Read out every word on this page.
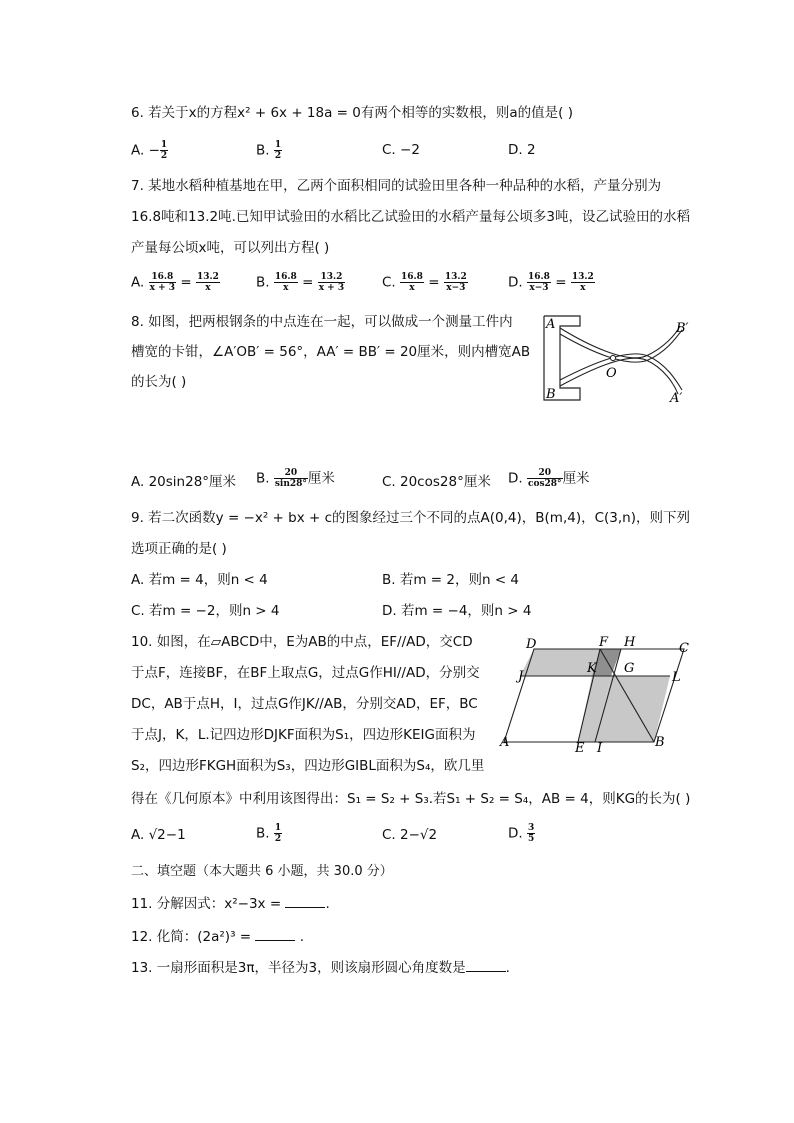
6. 若关于x的方程x² + 6x + 18a = 0有两个相等的实数根，则a的值是( )
A. − $\frac{1}{2}$	B. $\frac{1}{2}$	C. −2	D. 2
7. 某地水稻种植基地在甲，乙两个面积相同的试验田里各种一种品种的水稻，产量分别为
16.8吨和13.2吨.已知甲试验田的水稻比乙试验田的水稻产量每公顷多3吨，设乙试验田的水稻
产量每公顷x吨，可以列出方程( )
A. $\frac{16.8}{x + 3} = \frac{13.2}{x}$	B. $\frac{16.8}{x} = \frac{13.2}{x + 3}$	C. $\frac{16.8}{x} = \frac{13.2}{x-3}$	D. $\frac{16.8}{x-3} = \frac{13.2}{x}$
8. 如图，把两根钢条的中点连在一起，可以做成一个测量工件内
槽宽的卡钳，∠A′OB′ = 56°，AA′ = BB′ = 20厘米，则内槽宽AB
的长为( )
A
B
B′
A′
O
A. 20sin28°厘米 B. $\frac{20}{\sin 28^\circ}$ 厘米	C. 20cos28°厘米 D. $\frac{20}{\cos 28^\circ}$ 厘米
9. 若二次函数y = −x² + bx + c的图象经过三个不同的点A(0,4)，B(m,4)，C(3,n)，则下列
选项正确的是( )
A. 若m = 4，则n < 4	B. 若m = 2，则n < 4
C. 若m = −2，则n > 4	D. 若m = −4，则n > 4
10. 如图，在▱ABCD中，E为AB的中点，EF//AD，交CD
于点F，连接BF，在BF上取点G，过点G作HI//AD，分别交
DC，AB于点H，I，过点G作JK//AB，分别交AD，EF，BC
于点J，K，L.记四边形DJKF面积为S₁，四边形KEIG面积为
S₂，四边形FKGH面积为S₃，四边形GIBL面积为S₄，欧几里
得在《几何原本》中利用该图得出：S₁ = S₂ + S₃.若S₁ + S₂ = S₄，AB = 4，则KG的长为( )
D	F H	C
J
K G
L
A	E I	B
A. √2−1	B. $\frac{1}{2}$	C. 2−√2	D. $\frac{3}{5}$
二、填空题（本大题共 6 小题，共 30.0 分）
11. 分解因式：x²−3x =	.
12. 化简：(2a²)³ =	.
13. 一扇形面积是3π，半径为3，则该扇形圆心角度数是	.
